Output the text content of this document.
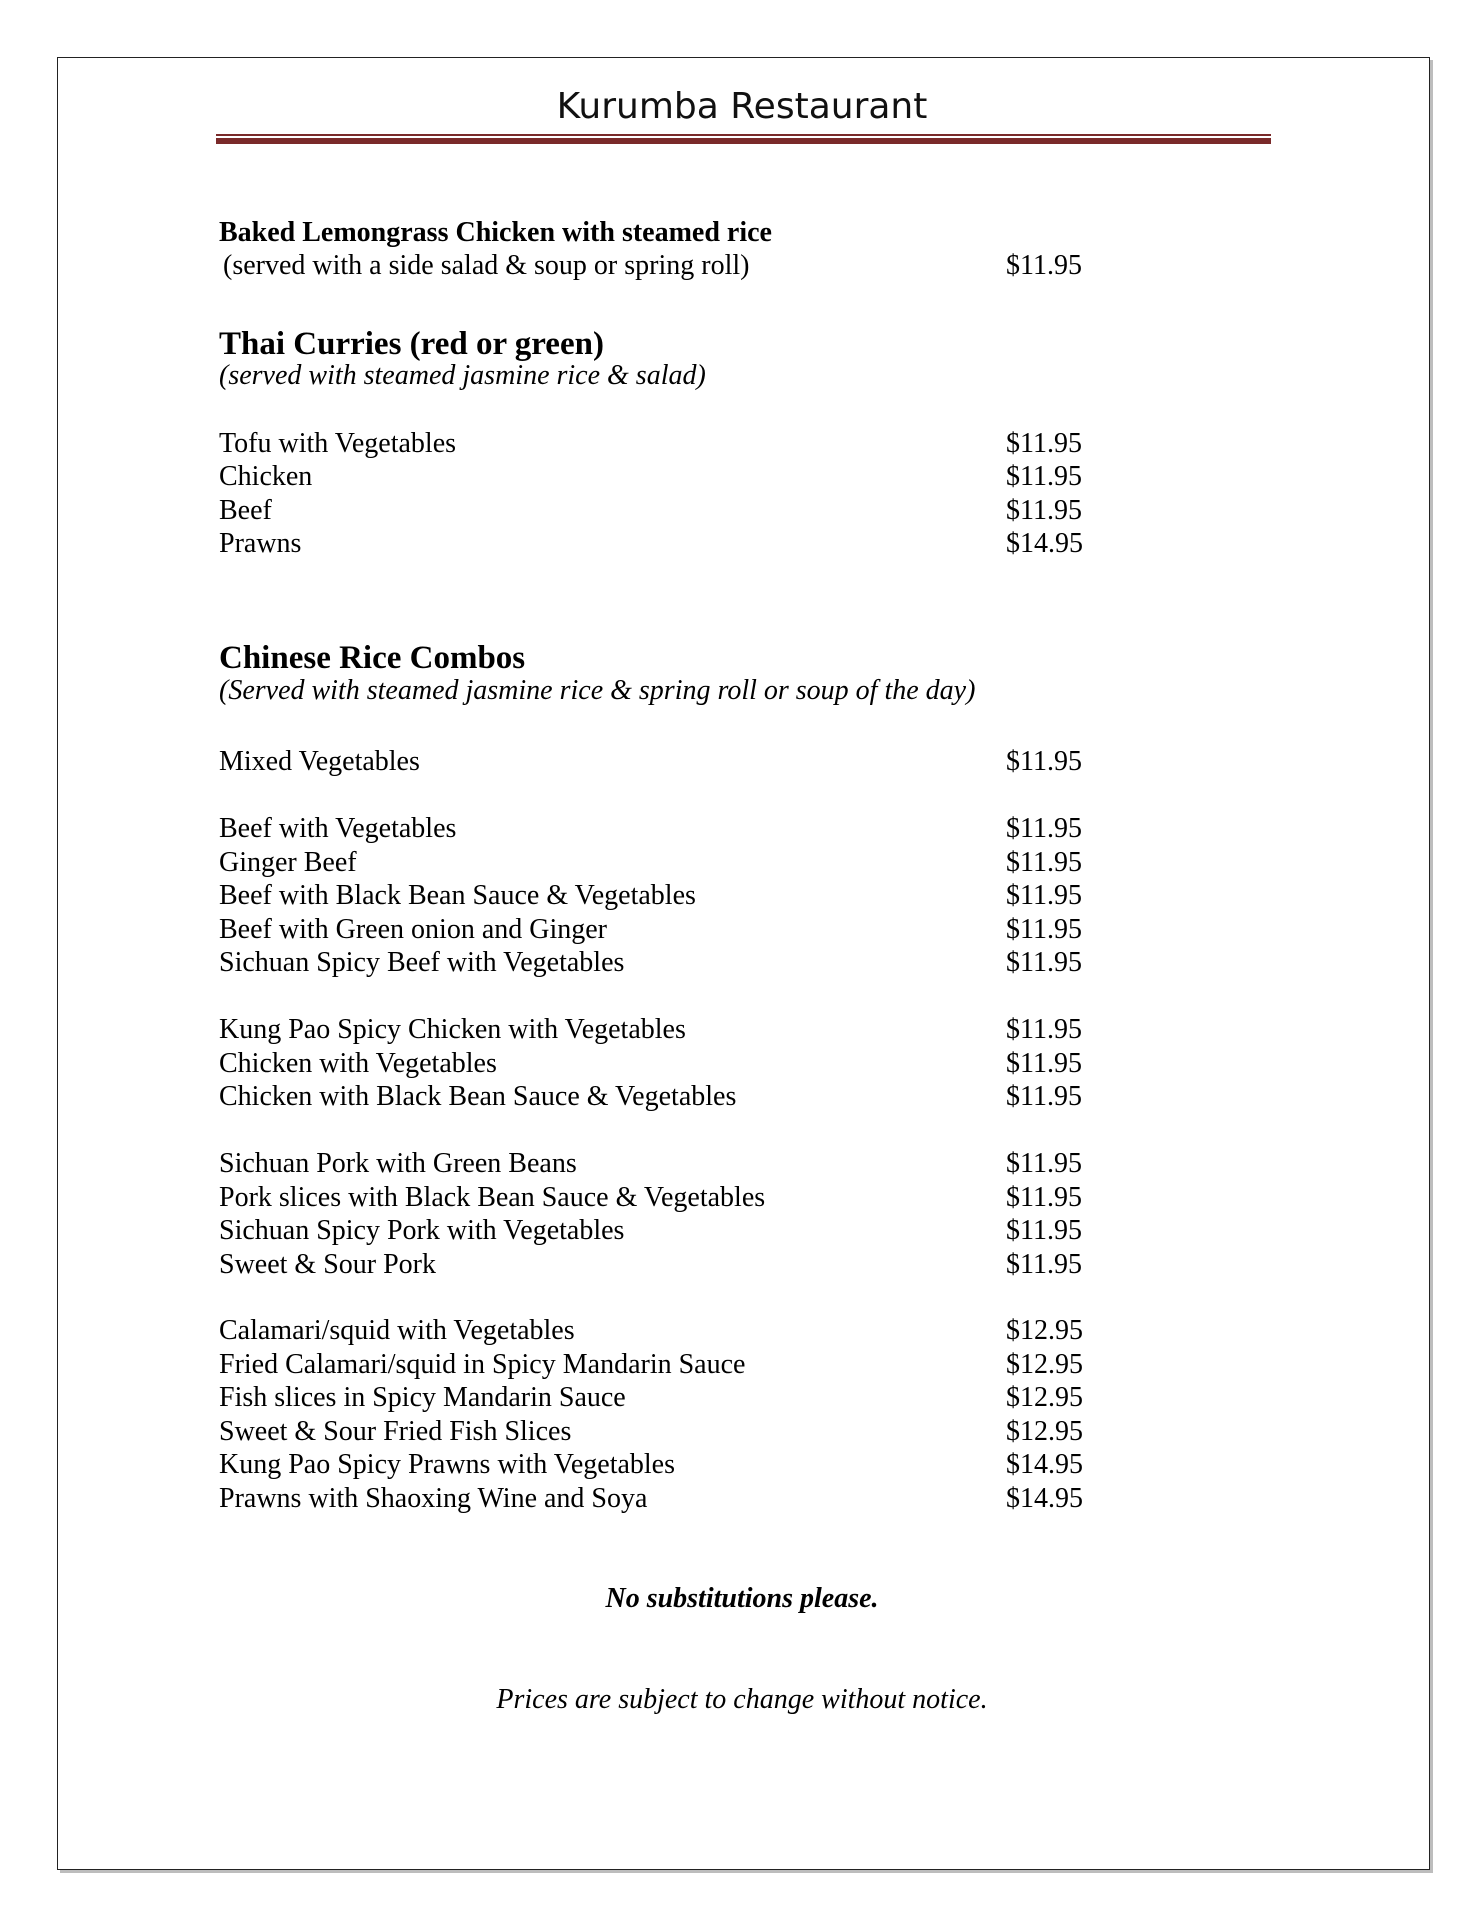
Kurumba Restaurant
Baked Lemongrass Chicken with steamed rice
(served with a side salad & soup or spring roll)	$11.95
Thai Curries (red or green)
(served with steamed jasmine rice & salad)
Tofu with Vegetables	$11.95
Chicken	$11.95
Beef	$11.95
Prawns	$14.95
Chinese Rice Combos
(Served with steamed jasmine rice & spring roll or soup of the day)
Mixed Vegetables	$11.95
Beef with Vegetables	$11.95
Ginger Beef	$11.95
Beef with Black Bean Sauce & Vegetables	$11.95
Beef with Green onion and Ginger	$11.95
Sichuan Spicy Beef with Vegetables	$11.95
Kung Pao Spicy Chicken with Vegetables	$11.95
Chicken with Vegetables	$11.95
Chicken with Black Bean Sauce & Vegetables	$11.95
Sichuan Pork with Green Beans	$11.95
Pork slices with Black Bean Sauce & Vegetables	$11.95
Sichuan Spicy Pork with Vegetables	$11.95
Sweet & Sour Pork	$11.95
Calamari/squid with Vegetables	$12.95
Fried Calamari/squid in Spicy Mandarin Sauce	$12.95
Fish slices in Spicy Mandarin Sauce	$12.95
Sweet & Sour Fried Fish Slices	$12.95
Kung Pao Spicy Prawns with Vegetables	$14.95
Prawns with Shaoxing Wine and Soya	$14.95
No substitutions please.
Prices are subject to change without notice.
